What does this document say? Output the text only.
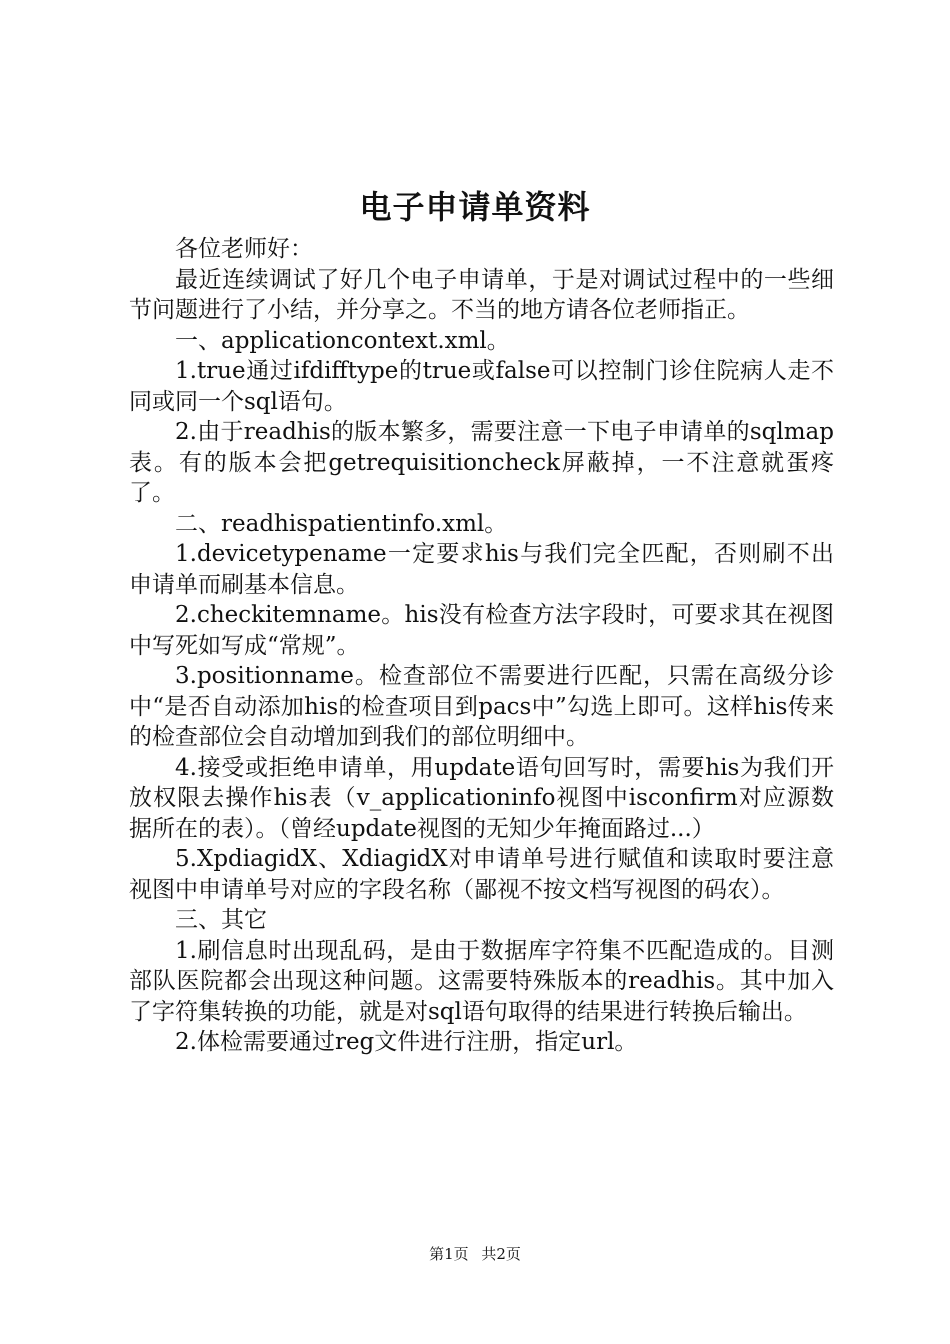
电子申请单资料

各位老师好：

最近连续调试了好几个电子申请单，于是对调试过程中的一些细节问题进行了小结，并分享之。不当的地方请各位老师指正。

一、applicationcontext.xml。

1.true通过ifdifftype的true或false可以控制门诊住院病人走不同或同一个sql语句。

2.由于readhis的版本繁多，需要注意一下电子申请单的sqlmap表。有的版本会把getrequisitioncheck屏蔽掉，一不注意就蛋疼了。

二、readhispatientinfo.xml。

1.devicetypename一定要求his与我们完全匹配，否则刷不出申请单而刷基本信息。

2.checkitemname。his没有检查方法字段时，可要求其在视图中写死如写成“常规”。

3.positionname。检查部位不需要进行匹配，只需在高级分诊中“是否自动添加his的检查项目到pacs中”勾选上即可。这样his传来的检查部位会自动增加到我们的部位明细中。

4.接受或拒绝申请单，用update语句回写时，需要his为我们开放权限去操作his表（v_applicationinfo视图中isconfirm对应源数据所在的表）。（曾经update视图的无知少年掩面路过...）

5.XpdiagidX、XdiagidX对申请单号进行赋值和读取时要注意视图中申请单号对应的字段名称（鄙视不按文档写视图的码农）。

三、其它

1.刷信息时出现乱码，是由于数据库字符集不匹配造成的。目测部队医院都会出现这种问题。这需要特殊版本的readhis。其中加入了字符集转换的功能，就是对sql语句取得的结果进行转换后输出。

2.体检需要通过reg文件进行注册，指定url。

第1页 共2页
